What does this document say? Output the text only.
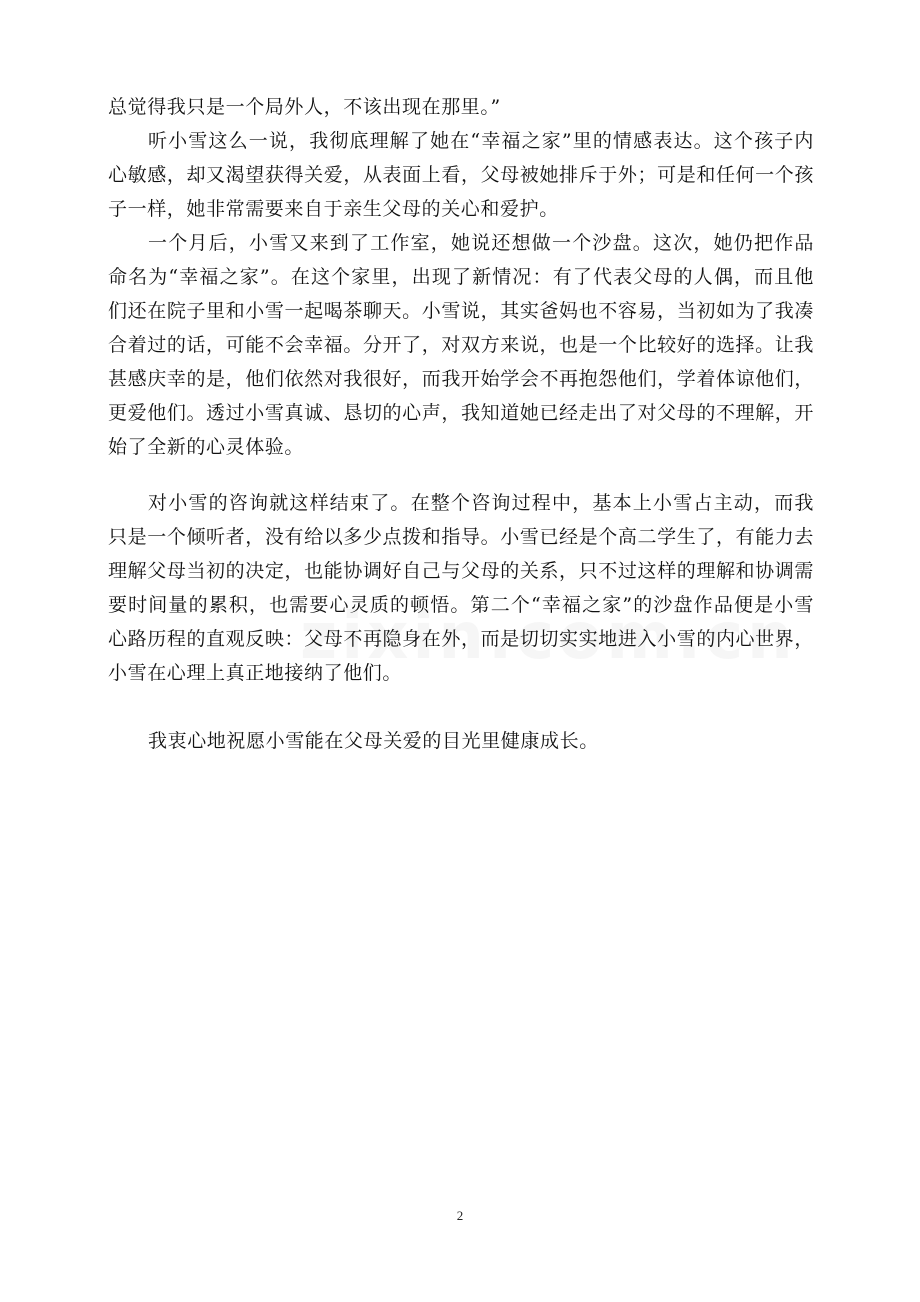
总觉得我只是一个局外人，不该出现在那里。”

听小雪这么一说，我彻底理解了她在“幸福之家”里的情感表达。这个孩子内心敏感，却又渴望获得关爱，从表面上看，父母被她排斥于外；可是和任何一个孩子一样，她非常需要来自于亲生父母的关心和爱护。

一个月后，小雪又来到了工作室，她说还想做一个沙盘。这次，她仍把作品命名为“幸福之家”。在这个家里，出现了新情况：有了代表父母的人偶，而且他们还在院子里和小雪一起喝茶聊天。小雪说，其实爸妈也不容易，当初如为了我凑合着过的话，可能不会幸福。分开了，对双方来说，也是一个比较好的选择。让我甚感庆幸的是，他们依然对我很好，而我开始学会不再抱怨他们，学着体谅他们， 更爱他们。透过小雪真诚、恳切的心声，我知道她已经走出了对父母的不理解，开始了全新的心灵体验。

对小雪的咨询就这样结束了。在整个咨询过程中，基本上小雪占主动，而我只是一个倾听者，没有给以多少点拨和指导。小雪已经是个高二学生了，有能力去理解父母当初的决定，也能协调好自己与父母的关系，只不过这样的理解和协调需要时间量的累积，也需要心灵质的顿悟。第二个“幸福之家”的沙盘作品便是小雪心路历程的直观反映：父母不再隐身在外，而是切切实实地进入小雪的内心世界，小雪在心理上真正地接纳了他们。

我衷心地祝愿小雪能在父母关爱的目光里健康成长。

2
